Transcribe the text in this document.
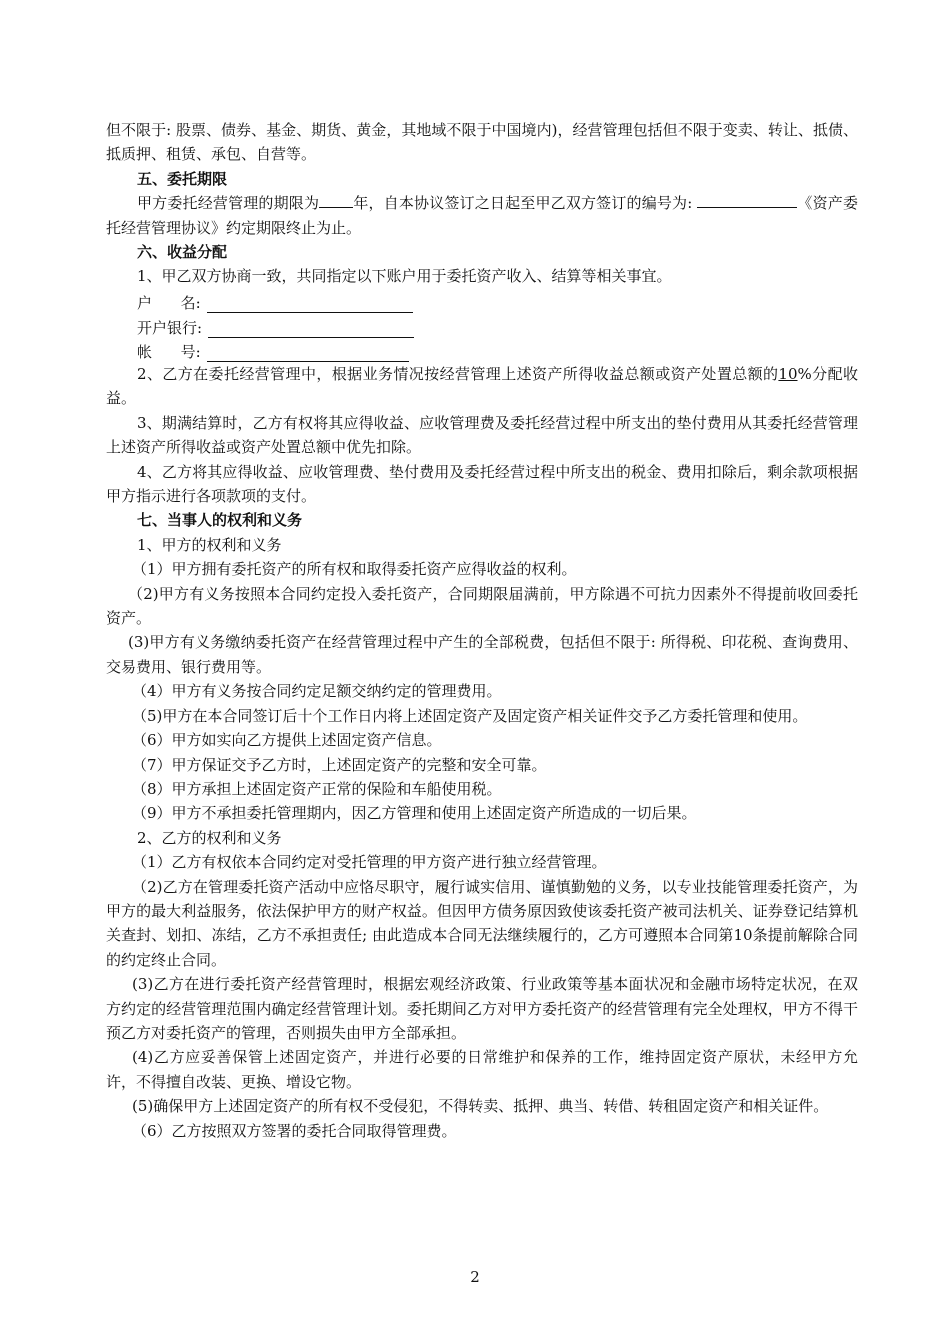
但不限于: 股票、债券、基金、期货、黄金，其地域不限于中国境内)，经营管理包括但不限于变卖、转让、抵债、抵质押、租赁、承包、自营等。

五、委托期限

甲方委托经营管理的期限为 年，自本协议签订之日起至甲乙双方签订的编号为:	《资产委托经营管理协议》约定期限终止为止。

六、收益分配

1、甲乙双方协商一致，共同指定以下账户用于委托资产收入、结算等相关事宜。

户      名:
开户银行:
帐      号:

2、乙方在委托经营管理中，根据业务情况按经营管理上述资产所得收益总额或资产处置总额的10%分配收益。

3、期满结算时，乙方有权将其应得收益、应收管理费及委托经营过程中所支出的垫付费用从其委托经营管理上述资产所得收益或资产处置总额中优先扣除。

4、乙方将其应得收益、应收管理费、垫付费用及委托经营过程中所支出的税金、费用扣除后，剩余款项根据甲方指示进行各项款项的支付。

七、当事人的权利和义务

1、甲方的权利和义务

（1）甲方拥有委托资产的所有权和取得委托资产应得收益的权利。

（2)甲方有义务按照本合同约定投入委托资产，合同期限届满前，甲方除遇不可抗力因素外不得提前收回委托资产。

(3)甲方有义务缴纳委托资产在经营管理过程中产生的全部税费，包括但不限于: 所得税、印花税、查询费用、交易费用、银行费用等。

（4）甲方有义务按合同约定足额交纳约定的管理费用。

（5)甲方在本合同签订后十个工作日内将上述固定资产及固定资产相关证件交予乙方委托管理和使用。

（6）甲方如实向乙方提供上述固定资产信息。

（7）甲方保证交予乙方时，上述固定资产的完整和安全可靠。

（8）甲方承担上述固定资产正常的保险和车船使用税。

（9）甲方不承担委托管理期内，因乙方管理和使用上述固定资产所造成的一切后果。

2、乙方的权利和义务

（1）乙方有权依本合同约定对受托管理的甲方资产进行独立经营管理。

（2)乙方在管理委托资产活动中应恪尽职守，履行诚实信用、谨慎勤勉的义务，以专业技能管理委托资产，为甲方的最大利益服务，依法保护甲方的财产权益。但因甲方债务原因致使该委托资产被司法机关、证券登记结算机关查封、划扣、冻结，乙方不承担责任; 由此造成本合同无法继续履行的，乙方可遵照本合同第10条提前解除合同的约定终止合同。

(3)乙方在进行委托资产经营管理时，根据宏观经济政策、行业政策等基本面状况和金融市场特定状况，在双方约定的经营管理范围内确定经营管理计划。委托期间乙方对甲方委托资产的经营管理有完全处理权，甲方不得干预乙方对委托资产的管理，否则损失由甲方全部承担。

(4)乙方应妥善保管上述固定资产，并进行必要的日常维护和保养的工作，维持固定资产原状，未经甲方允许，不得擅自改装、更换、增设它物。

(5)确保甲方上述固定资产的所有权不受侵犯，不得转卖、抵押、典当、转借、转租固定资产和相关证件。

（6）乙方按照双方签署的委托合同取得管理费。

2
